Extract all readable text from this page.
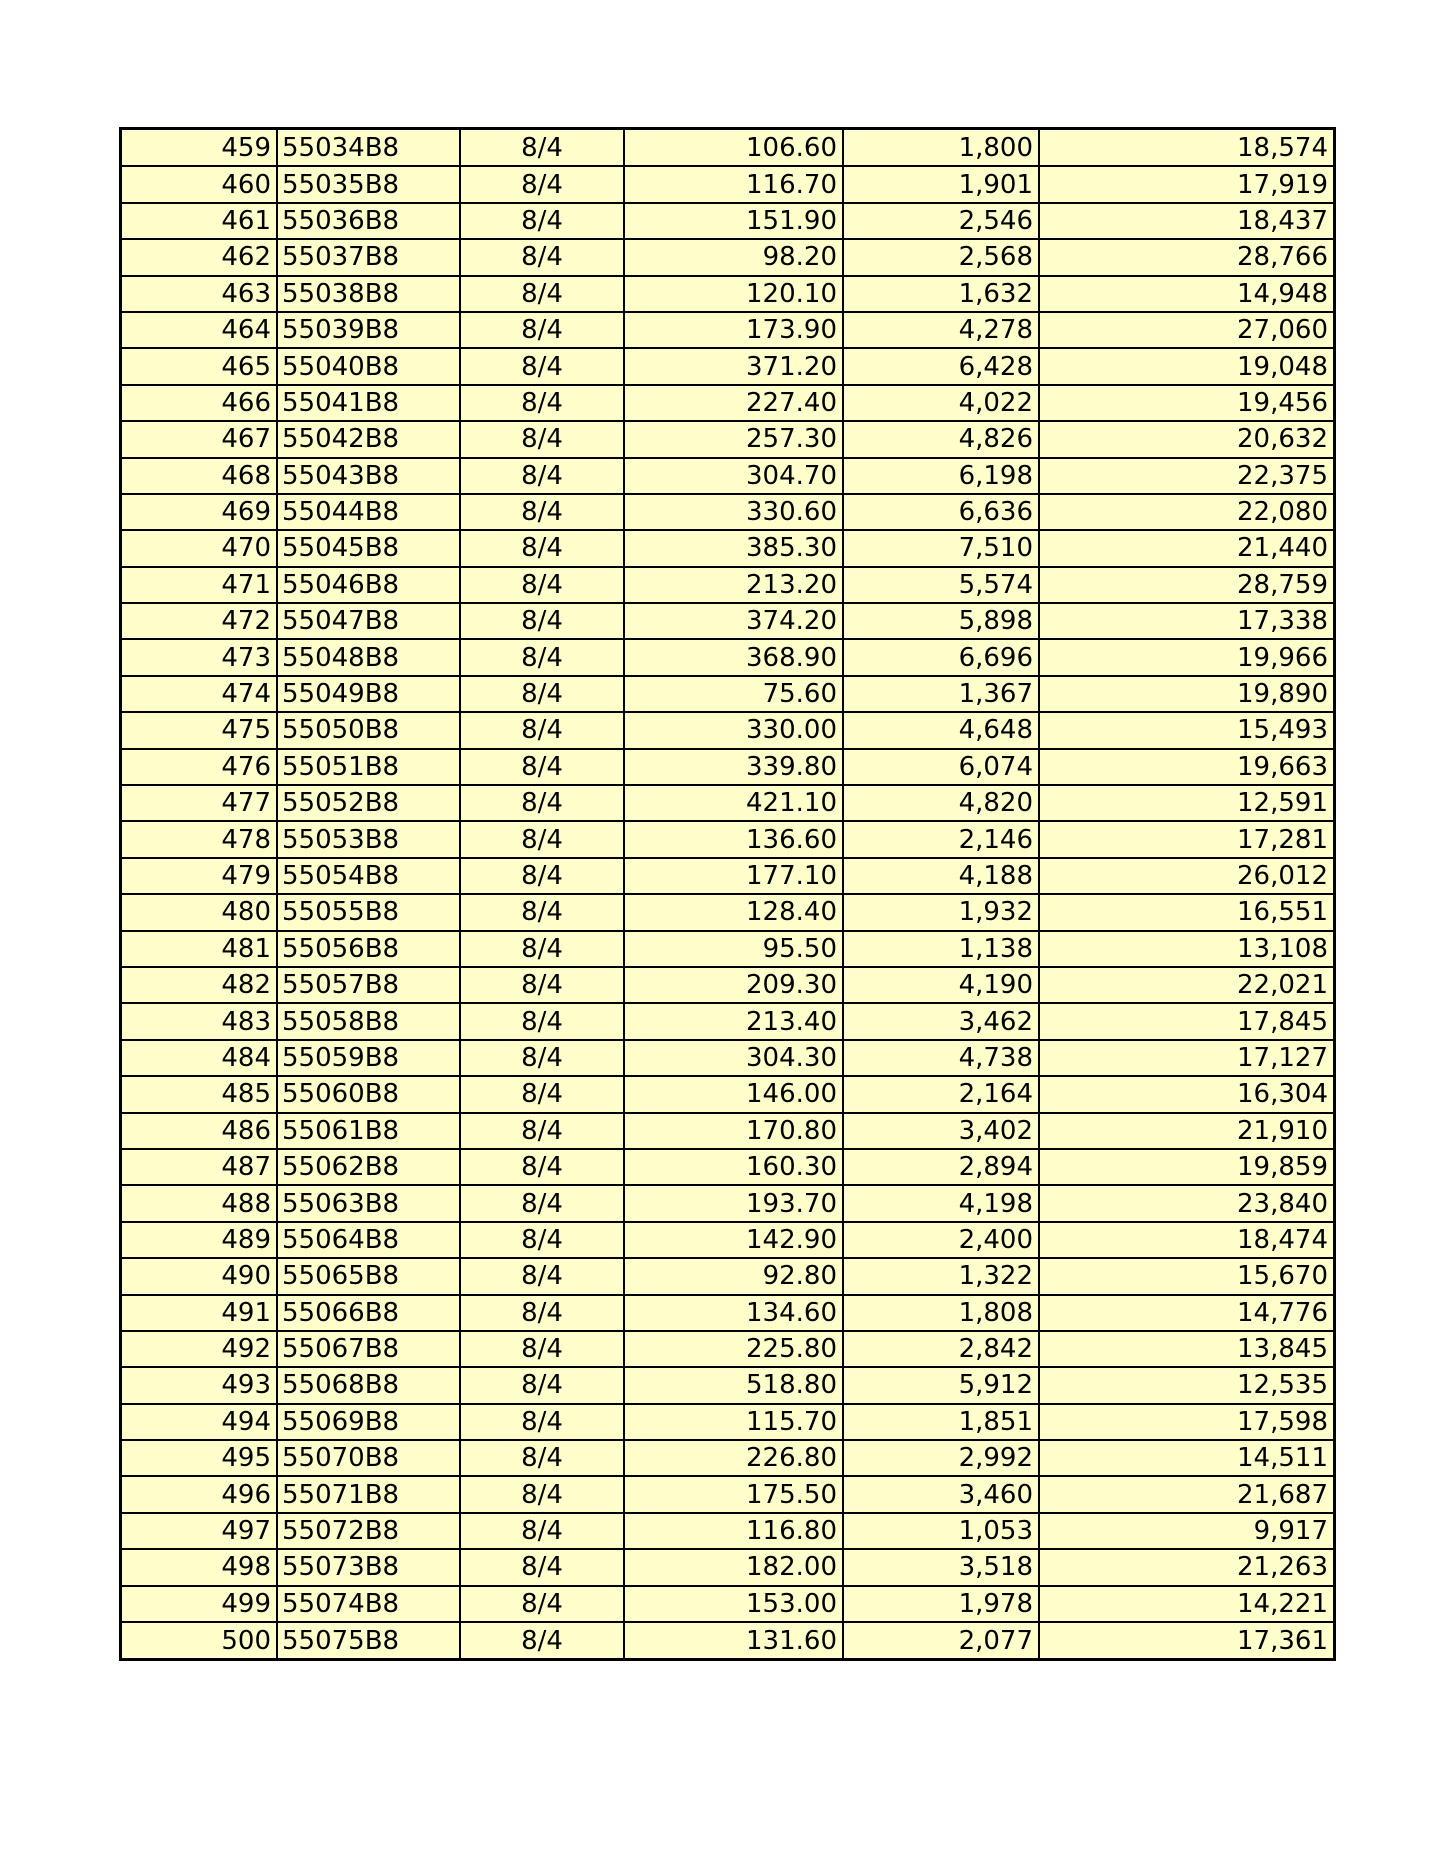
459	55034B8	8/4	106.60	1,800	18,574
460	55035B8	8/4	116.70	1,901	17,919
461	55036B8	8/4	151.90	2,546	18,437
462	55037B8	8/4	98.20	2,568	28,766
463	55038B8	8/4	120.10	1,632	14,948
464	55039B8	8/4	173.90	4,278	27,060
465	55040B8	8/4	371.20	6,428	19,048
466	55041B8	8/4	227.40	4,022	19,456
467	55042B8	8/4	257.30	4,826	20,632
468	55043B8	8/4	304.70	6,198	22,375
469	55044B8	8/4	330.60	6,636	22,080
470	55045B8	8/4	385.30	7,510	21,440
471	55046B8	8/4	213.20	5,574	28,759
472	55047B8	8/4	374.20	5,898	17,338
473	55048B8	8/4	368.90	6,696	19,966
474	55049B8	8/4	75.60	1,367	19,890
475	55050B8	8/4	330.00	4,648	15,493
476	55051B8	8/4	339.80	6,074	19,663
477	55052B8	8/4	421.10	4,820	12,591
478	55053B8	8/4	136.60	2,146	17,281
479	55054B8	8/4	177.10	4,188	26,012
480	55055B8	8/4	128.40	1,932	16,551
481	55056B8	8/4	95.50	1,138	13,108
482	55057B8	8/4	209.30	4,190	22,021
483	55058B8	8/4	213.40	3,462	17,845
484	55059B8	8/4	304.30	4,738	17,127
485	55060B8	8/4	146.00	2,164	16,304
486	55061B8	8/4	170.80	3,402	21,910
487	55062B8	8/4	160.30	2,894	19,859
488	55063B8	8/4	193.70	4,198	23,840
489	55064B8	8/4	142.90	2,400	18,474
490	55065B8	8/4	92.80	1,322	15,670
491	55066B8	8/4	134.60	1,808	14,776
492	55067B8	8/4	225.80	2,842	13,845
493	55068B8	8/4	518.80	5,912	12,535
494	55069B8	8/4	115.70	1,851	17,598
495	55070B8	8/4	226.80	2,992	14,511
496	55071B8	8/4	175.50	3,460	21,687
497	55072B8	8/4	116.80	1,053	9,917
498	55073B8	8/4	182.00	3,518	21,263
499	55074B8	8/4	153.00	1,978	14,221
500	55075B8	8/4	131.60	2,077	17,361
